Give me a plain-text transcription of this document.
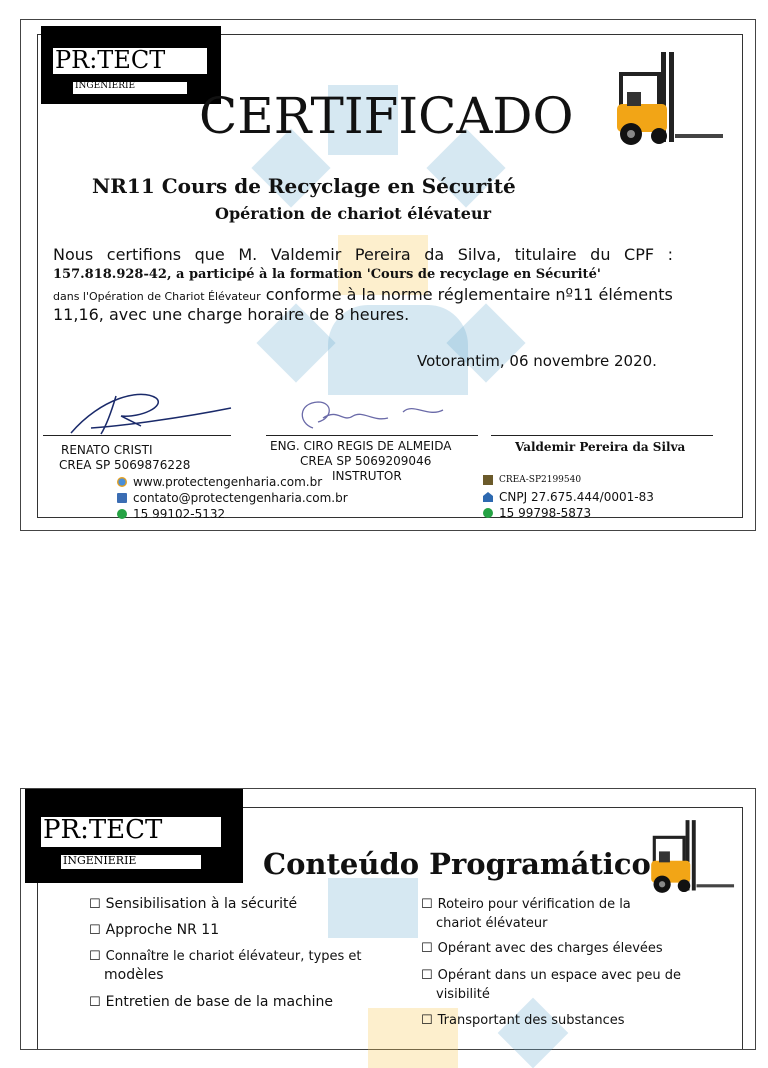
PR:TECT
INGÉNIERIE
CERTIFICADO
NR11 Cours de Recyclage en Sécurité
Opération de chariot élévateur
Nous certifions que M. Valdemir Pereira da Silva, titulaire du CPF :
157.818.928-42, a participé à la formation 'Cours de recyclage en Sécurité'
dans l'Opération de Chariot Élévateur conforme à la norme réglementaire nº11 éléments
11,16, avec une charge horaire de 8 heures.
Votorantim, 06 novembre 2020.
RENATO CRISTI
CREA SP 5069876228
ENG. CIRO REGIS DE ALMEIDA
CREA SP 5069209046
INSTRUTOR
Valdemir Pereira da Silva
www.protectengenharia.com.br
contato@protectengenharia.com.br
15 99102-5132
CREA-SP2199540
CNPJ 27.675.444/0001-83
15 99798-5873
PR:TECT
INGÉNIERIE	Conteúdo Programático
☐ Sensibilisation à la sécurité
☐ Approche NR 11
☐ Connaître le chariot élévateur, types et
modèles
☐ Entretien de base de la machine
☐ Roteiro pour vérification de la
chariot élévateur
☐ Opérant avec des charges élevées
☐ Opérant dans un espace avec peu de
visibilité
☐ Transportant des substances
